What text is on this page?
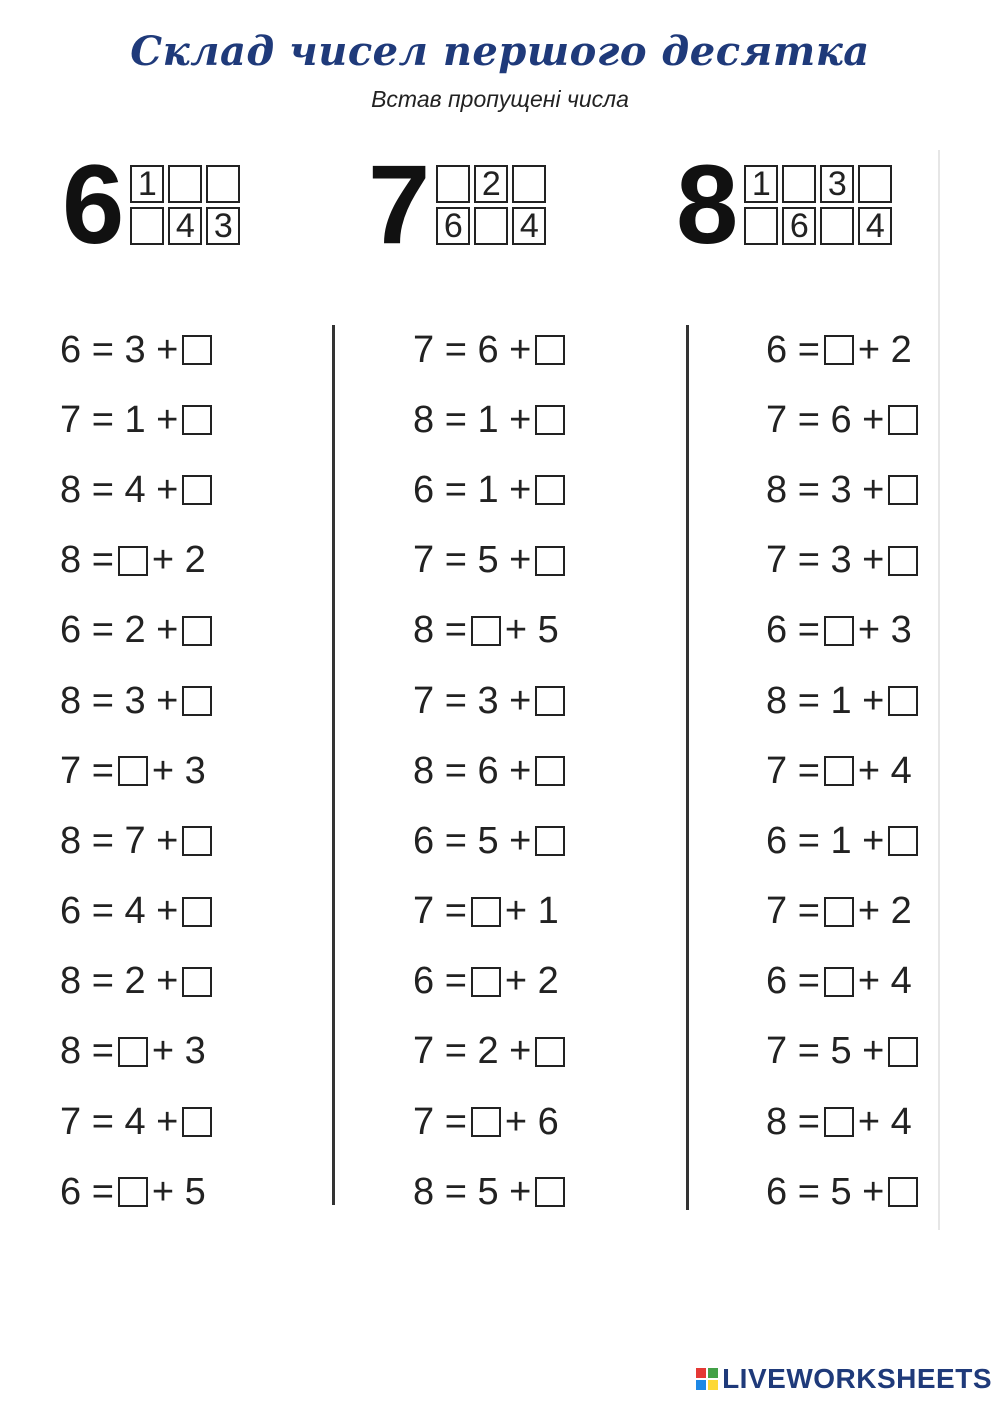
Склад чисел першого десятка
Встав пропущені числа
6 1
4 3 7 6
2
4 8 1
6
3
4
6 =
3 +
7 =
1 +
8 =
4 +
8 = + 2
6 =
2 +
8 =
3 +
7 = + 3
8 =
7 +
6 =
4 +
8 =
2 +
8 = + 3
7 =
4 +
6 = + 5
7 =
6 +
8 =
1 +
6 =
1 +
7 =
5 +
8 = + 5
7 =
3 +
8 =
6 +
6 =
5 +
7 = + 1
6 = + 2
7 =
2 +
7 = + 6
8 =
5 +
6 = + 2
7 =
6 +
8 =
3 +
7 =
3 +
6 = + 3
8 =
1 +
7 = + 4
6 =
1 +
7 = + 2
6 = + 4
7 =
5 +
8 = + 4
6 =
5 +
LIVEWORKSHEETS
